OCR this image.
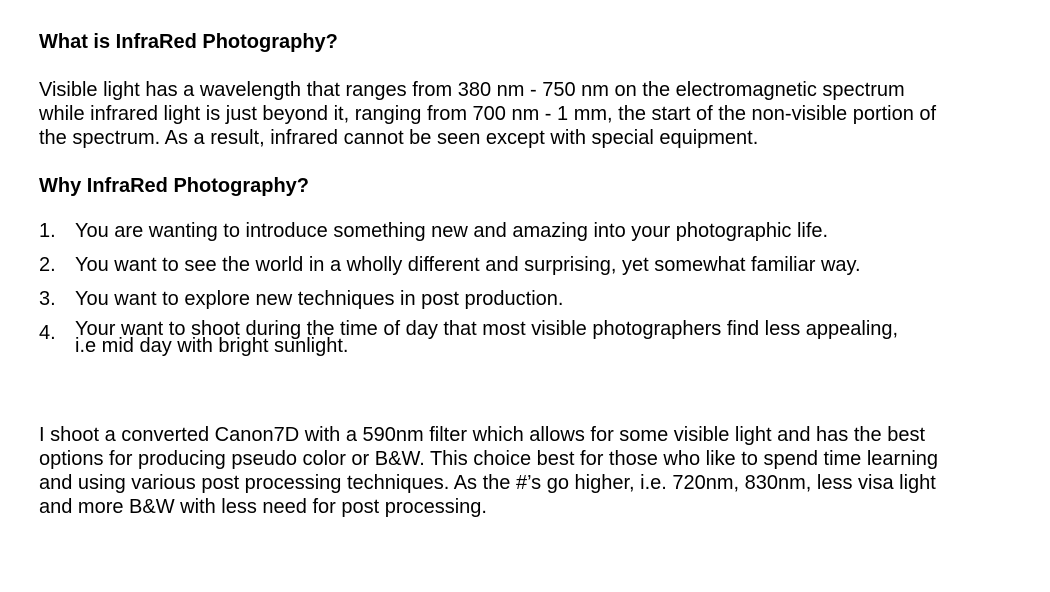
What is InfraRed Photography?

Visible light has a wavelength that ranges from 380 nm - 750 nm on the electromagnetic spectrum while infrared light is just beyond it, ranging from 700 nm - 1 mm, the start of the non-visible portion of the spectrum. As a result, infrared cannot be seen except with special equipment.

Why InfraRed Photography?

1. You are wanting to introduce something new and amazing into your photographic life.
2. You want to see the world in a wholly different and surprising, yet somewhat familiar way.
3. You want to explore new techniques in post production.
4. Your want to shoot during the time of day that most visible photographers find less appealing, i.e mid day with bright sunlight.

I shoot a converted Canon7D with a 590nm filter which allows for some visible light and has the best options for producing pseudo color or B&W. This choice best for those who like to spend time learning and using various post processing techniques. As the #’s go higher, i.e. 720nm, 830nm, less visa light and more B&W with less need for post processing.
